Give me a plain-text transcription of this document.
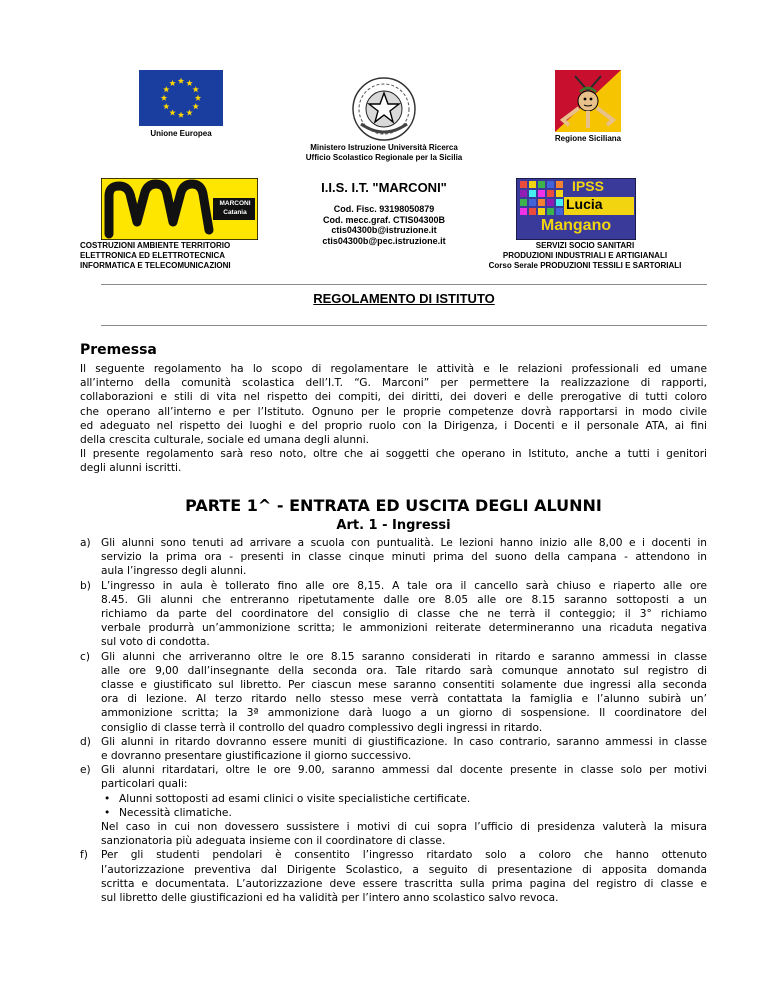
Unione Europea
Ministero Istruzione Università Ricerca
Ufficio Scolastico Regionale per la Sicilia
Regione Siciliana
MARCONI
Catania
COSTRUZIONI AMBIENTE TERRITORIO
ELETTRONICA ED ELETTROTECNICA
INFORMATICA E TELECOMUNICAZIONI
I.I.S. I.T. "MARCONI"
Cod. Fisc. 93198050879
Cod. mecc.graf. CTIS04300B
ctis04300b@istruzione.it
ctis04300b@pec.istruzione.it
IPSS
Lucia
Mangano
SERVIZI SOCIO SANITARI
PRODUZIONI INDUSTRIALI E ARTIGIANALI
Corso Serale PRODUZIONI TESSILI E SARTORIALI
REGOLAMENTO DI ISTITUTO
Premessa
Il seguente regolamento ha lo scopo di regolamentare le attività e le relazioni professionali ed umane
all’interno della comunità scolastica dell’I.T. “G. Marconi” per permettere la realizzazione di rapporti,
collaborazioni e stili di vita nel rispetto dei compiti, dei diritti, dei doveri e delle prerogative di tutti coloro
che operano all’interno e per l’Istituto. Ognuno per le proprie competenze dovrà rapportarsi in modo civile
ed adeguato nel rispetto dei luoghi e del proprio ruolo con la Dirigenza, i Docenti e il personale ATA, ai fini
della crescita culturale, sociale ed umana degli alunni.
Il presente regolamento sarà reso noto, oltre che ai soggetti che operano in Istituto, anche a tutti i genitori
degli alunni iscritti.
PARTE 1^ - ENTRATA ED USCITA DEGLI ALUNNI
Art. 1 - Ingressi
a) Gli alunni sono tenuti ad arrivare a scuola con puntualità. Le lezioni hanno inizio alle 8,00 e i docenti in
servizio la prima ora - presenti in classe cinque minuti prima del suono della campana - attendono in
aula l’ingresso degli alunni.
b) L’ingresso in aula è tollerato fino alle ore 8,15. A tale ora il cancello sarà chiuso e riaperto alle ore
8.45. Gli alunni che entreranno ripetutamente dalle ore 8.05 alle ore 8.15 saranno sottoposti a un
richiamo da parte del coordinatore del consiglio di classe che ne terrà il conteggio; il 3° richiamo
verbale produrrà un’ammonizione scritta; le ammonizioni reiterate determineranno una ricaduta negativa
sul voto di condotta.
c)	Gli alunni che arriveranno oltre le ore 8.15 saranno considerati in ritardo e saranno ammessi in classe
alle ore 9,00 dall’insegnante della seconda ora. Tale ritardo sarà comunque annotato sul registro di
classe e giustificato sul libretto. Per ciascun mese saranno consentiti solamente due ingressi alla seconda
ora di lezione. Al terzo ritardo nello stesso mese verrà contattata la famiglia e l’alunno subirà un’
ammonizione scritta; la 3ª ammonizione darà luogo a un giorno di sospensione. Il coordinatore del
consiglio di classe terrà il controllo del quadro complessivo degli ingressi in ritardo.
d) Gli alunni in ritardo dovranno essere muniti di giustificazione. In caso contrario, saranno ammessi in classe
e dovranno presentare giustificazione il giorno successivo.
e) Gli alunni ritardatari, oltre le ore 9.00, saranno ammessi dal docente presente in classe solo per motivi
particolari quali:
• Alunni sottoposti ad esami clinici o visite specialistiche certificate.
• Necessità climatiche.
Nel caso in cui non dovessero sussistere i motivi di cui sopra l’ufficio di presidenza valuterà la misura
sanzionatoria più adeguata insieme con il coordinatore di classe.
f)	Per gli studenti pendolari è consentito l’ingresso ritardato solo a coloro che hanno ottenuto
l’autorizzazione preventiva dal Dirigente Scolastico, a seguito di presentazione di apposita domanda
scritta e documentata. L’autorizzazione deve essere trascritta sulla prima pagina del registro di classe e
sul libretto delle giustificazioni ed ha validità per l’intero anno scolastico salvo revoca.
